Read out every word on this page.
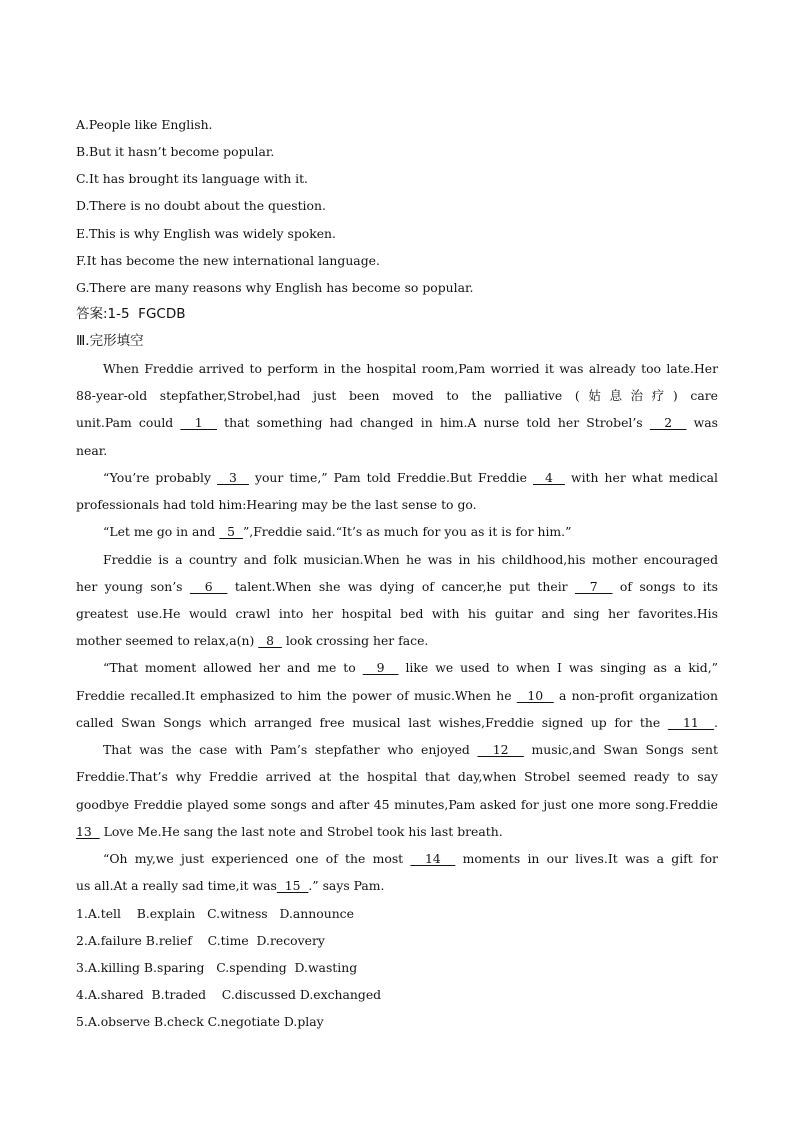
A.People like English.
B.But it hasn’t become popular.
C.It has brought its language with it.
D.There is no doubt about the question.
E.This is why English was widely spoken.
F.It has become the new international language.
G.There are many reasons why English has become so popular.
答案:1-5  FGCDB
Ⅲ.完形填空
When Freddie arrived to perform in the hospital room,Pam worried it was already too late.Her
88-year-old stepfather,Strobel,had just been moved to the palliative (姑息治疗) care
unit.Pam could   1   that something had changed in him.A nurse told her Strobel’s   2   was
near.
“You’re probably   3   your time,” Pam told Freddie.But Freddie   4   with her what medical
professionals had told him:Hearing may be the last sense to go.
“Let me go in and   5  ”,Freddie said.“It’s as much for you as it is for him.”
Freddie is a country and folk musician.When he was in his childhood,his mother encouraged
her young son’s   6   talent.When she was dying of cancer,he put their   7   of songs to its
greatest use.He would crawl into her hospital bed with his guitar and sing her favorites.His
mother seemed to relax,a(n)   8   look crossing her face.
“That moment allowed her and me to   9   like we used to when I was singing as a kid,”
Freddie recalled.It emphasized to him the power of music.When he   10   a non-profit organization
called Swan Songs which arranged free musical last wishes,Freddie signed up for the   11  .
That was the case with Pam’s stepfather who enjoyed   12   music,and Swan Songs sent
Freddie.That’s why Freddie arrived at the hospital that day,when Strobel seemed ready to say
goodbye Freddie played some songs and after 45 minutes,Pam asked for just one more song.Freddie
13   Love Me.He sang the last note and Strobel took his last breath.
“Oh my,we just experienced one of the most   14   moments in our lives.It was a gift for
us all.At a really sad time,it was  15  .” says Pam.
1.A.tell    B.explain   C.witness   D.announce
2.A.failure B.relief    C.time  D.recovery
3.A.killing B.sparing   C.spending  D.wasting
4.A.shared  B.traded    C.discussed D.exchanged
5.A.observe B.check C.negotiate D.play
